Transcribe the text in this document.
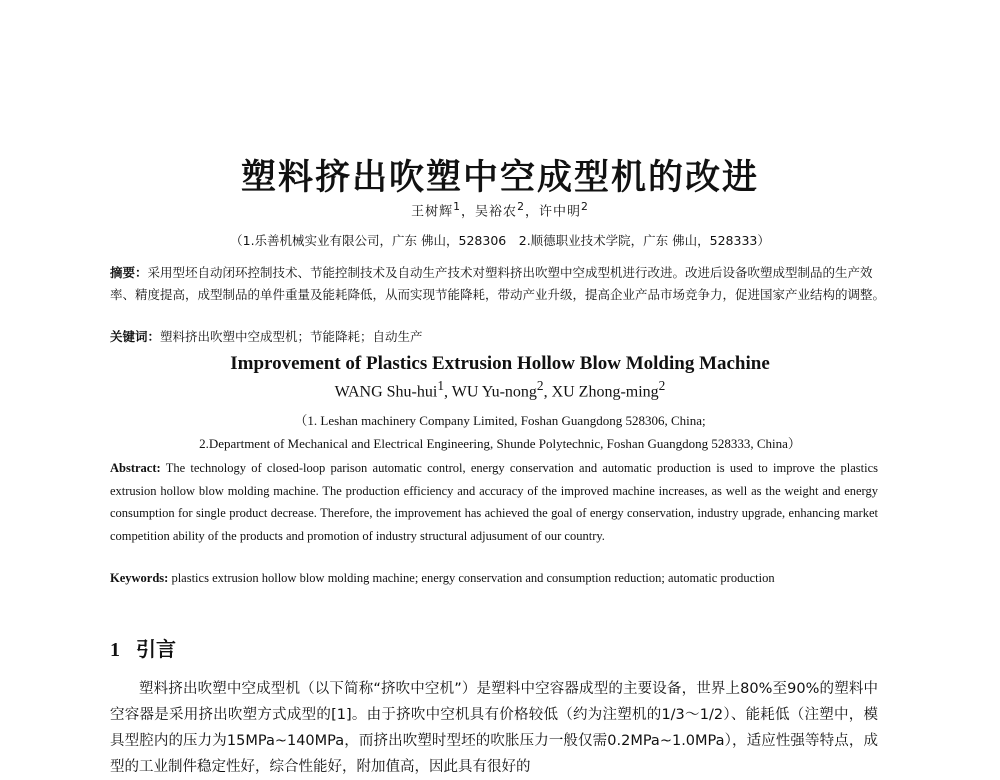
塑料挤出吹塑中空成型机的改进
王树辉$^1$，吴裕农$^2$，许中明$^2$
（1.乐善机械实业有限公司，广东 佛山，528306　2.顺德职业技术学院，广东 佛山，528333）

摘要：采用型坯自动闭环控制技术、节能控制技术及自动生产技术对塑料挤出吹塑中空成型机进行改进。改进后设备吹塑成型制品的生产效率、精度提高，成型制品的单件重量及能耗降低，从而实现节能降耗，带动产业升级，提高企业产品市场竞争力，促进国家产业结构的调整。

关键词：塑料挤出吹塑中空成型机；节能降耗；自动生产

Improvement of Plastics Extrusion Hollow Blow Molding Machine
WANG Shu-hui$^1$, WU Yu-nong$^2$, XU Zhong-ming$^2$
（1. Leshan machinery Company Limited, Foshan Guangdong 528306, China;
2.Department of Mechanical and Electrical Engineering, Shunde Polytechnic, Foshan Guangdong 528333, China）

Abstract: The technology of closed-loop parison automatic control, energy conservation and automatic production is used to improve the plastics extrusion hollow blow molding machine. The production efficiency and accuracy of the improved machine increases, as well as the weight and energy consumption for single product decrease. Therefore, the improvement has achieved the goal of energy conservation, industry upgrade, enhancing market competition ability of the products and promotion of industry structural adjusument of our country.

Keywords: plastics extrusion hollow blow molding machine; energy conservation and consumption reduction; automatic production

1 引言

塑料挤出吹塑中空成型机（以下简称“挤吹中空机”）是塑料中空容器成型的主要设备，世界上80%至90%的塑料中空容器是采用挤出吹塑方式成型的[1]。由于挤吹中空机具有价格较低（约为注塑机的1/3～1/2）、能耗低（注塑中，模具型腔内的压力为15MPa~140MPa，而挤出吹塑时型坯的吹胀压力一般仅需0.2MPa~1.0MPa），适应性强等特点，成型的工业制件稳定性好，综合性能好，附加值高，因此具有很好的
